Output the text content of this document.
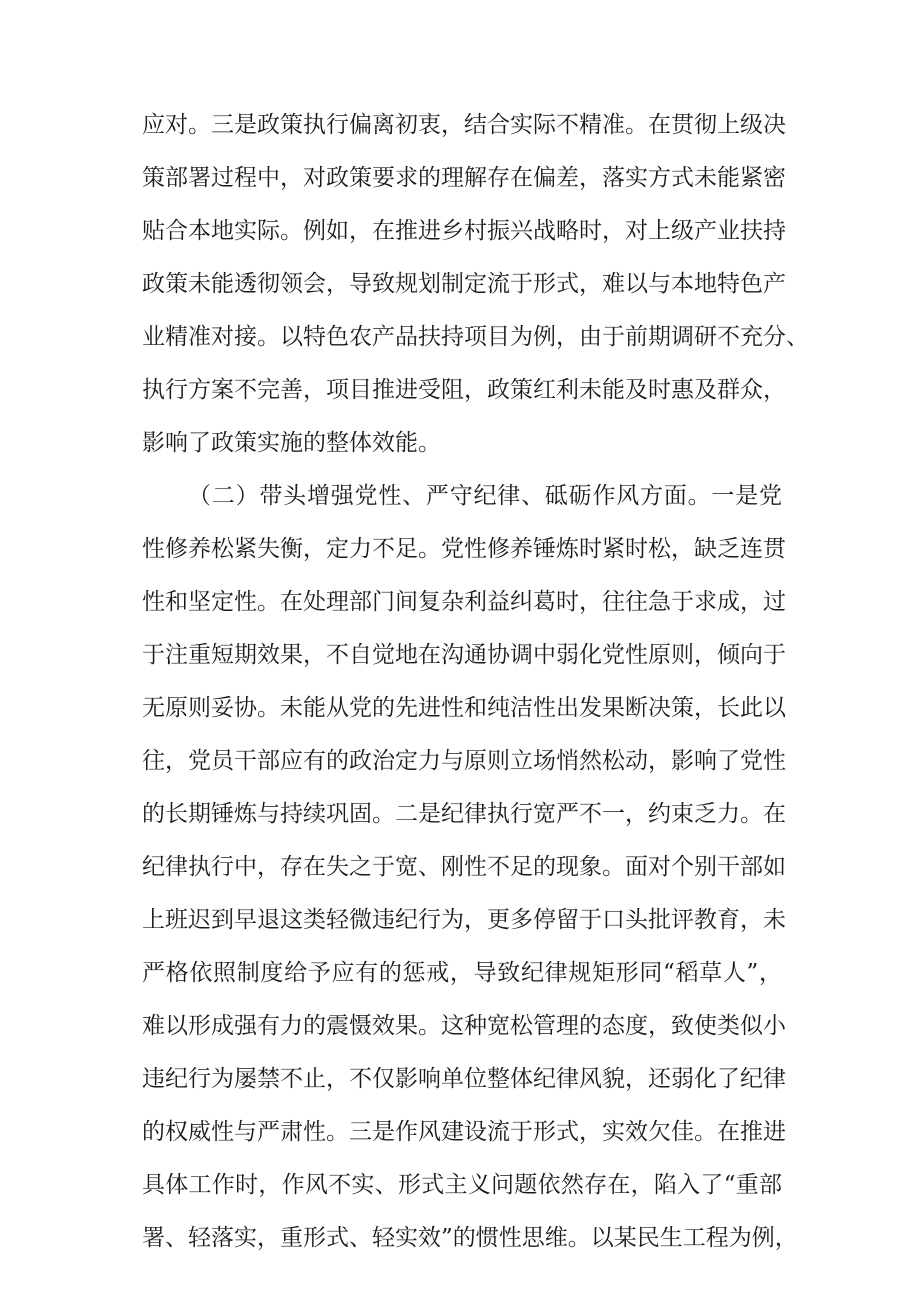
应对。三是政策执行偏离初衷，结合实际不精准。在贯彻上级决
策部署过程中，对政策要求的理解存在偏差，落实方式未能紧密
贴合本地实际。例如，在推进乡村振兴战略时，对上级产业扶持
政策未能透彻领会，导致规划制定流于形式，难以与本地特色产
业精准对接。以特色农产品扶持项目为例，由于前期调研不充分、
执行方案不完善，项目推进受阻，政策红利未能及时惠及群众，
影响了政策实施的整体效能。
（二）带头增强党性、严守纪律、砥砺作风方面。一是党
性修养松紧失衡，定力不足。党性修养锤炼时紧时松，缺乏连贯
性和坚定性。在处理部门间复杂利益纠葛时，往往急于求成，过
于注重短期效果，不自觉地在沟通协调中弱化党性原则，倾向于
无原则妥协。未能从党的先进性和纯洁性出发果断决策，长此以
往，党员干部应有的政治定力与原则立场悄然松动，影响了党性
的长期锤炼与持续巩固。二是纪律执行宽严不一，约束乏力。在
纪律执行中，存在失之于宽、刚性不足的现象。面对个别干部如
上班迟到早退这类轻微违纪行为，更多停留于口头批评教育，未
严格依照制度给予应有的惩戒，导致纪律规矩形同“稻草人”，
难以形成强有力的震慑效果。这种宽松管理的态度，致使类似小
违纪行为屡禁不止，不仅影响单位整体纪律风貌，还弱化了纪律
的权威性与严肃性。三是作风建设流于形式，实效欠佳。在推进
具体工作时，作风不实、形式主义问题依然存在，陷入了“重部
署、轻落实，重形式、轻实效”的惯性思维。以某民生工程为例，
